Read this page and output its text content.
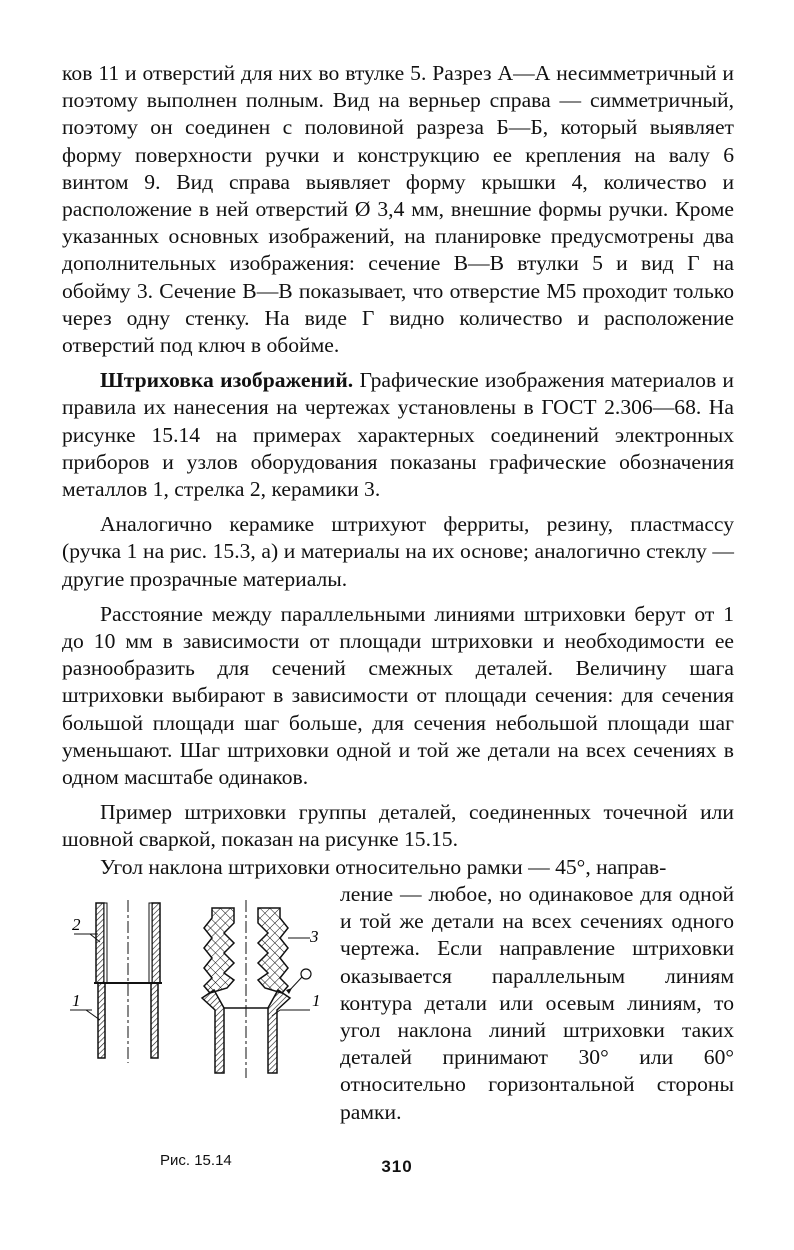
ков 11 и отверстий для них во втулке 5. Разрез А—А несимметричный и поэтому выполнен полным. Вид на верньер справа — симметричный, поэтому он соединен с половиной разреза Б—Б, который выявляет форму поверхности ручки и конструкцию ее крепления на валу 6 винтом 9. Вид справа выявляет форму крышки 4, количество и расположение в ней отверстий Ø 3,4 мм, внешние формы ручки. Кроме указанных основных изображений, на планировке предусмотрены два дополнительных изображения: сечение В—В втулки 5 и вид Г на обойму 3. Сечение В—В показывает, что отверстие М5 проходит только через одну стенку. На виде Г видно количество и расположение отверстий под ключ в обойме.

Штриховка изображений. Графические изображения материалов и правила их нанесения на чертежах установлены в ГОСТ 2.306—68. На рисунке 15.14 на примерах характерных соединений электронных приборов и узлов оборудования показаны графические обозначения металлов 1, стрелка 2, керамики 3.

Аналогично керамике штрихуют ферриты, резину, пластмассу (ручка 1 на рис. 15.3, а) и материалы на их основе; аналогично стеклу — другие прозрачные материалы.

Расстояние между параллельными линиями штриховки берут от 1 до 10 мм в зависимости от площади штриховки и необходимости ее разнообразить для сечений смежных деталей. Величину шага штриховки выбирают в зависимости от площади сечения: для сечения большой площади шаг больше, для сечения небольшой площади шаг уменьшают. Шаг штриховки одной и той же детали на всех сечениях в одном масштабе одинаков.

Пример штриховки группы деталей, соединенных точечной или шовной сваркой, показан на рисунке 15.15.

Угол наклона штриховки относительно рамки — 45°, направ-

ление — любое, но одинаковое для одной и той же детали на всех сечениях одного чертежа. Если направление штриховки оказывается параллельным линиям контура детали или осевым линиям, то угол наклона линий штриховки таких деталей принимают 30° или 60° относительно горизонтальной стороны рамки.

2
1
3
1
Рис. 15.14	310
